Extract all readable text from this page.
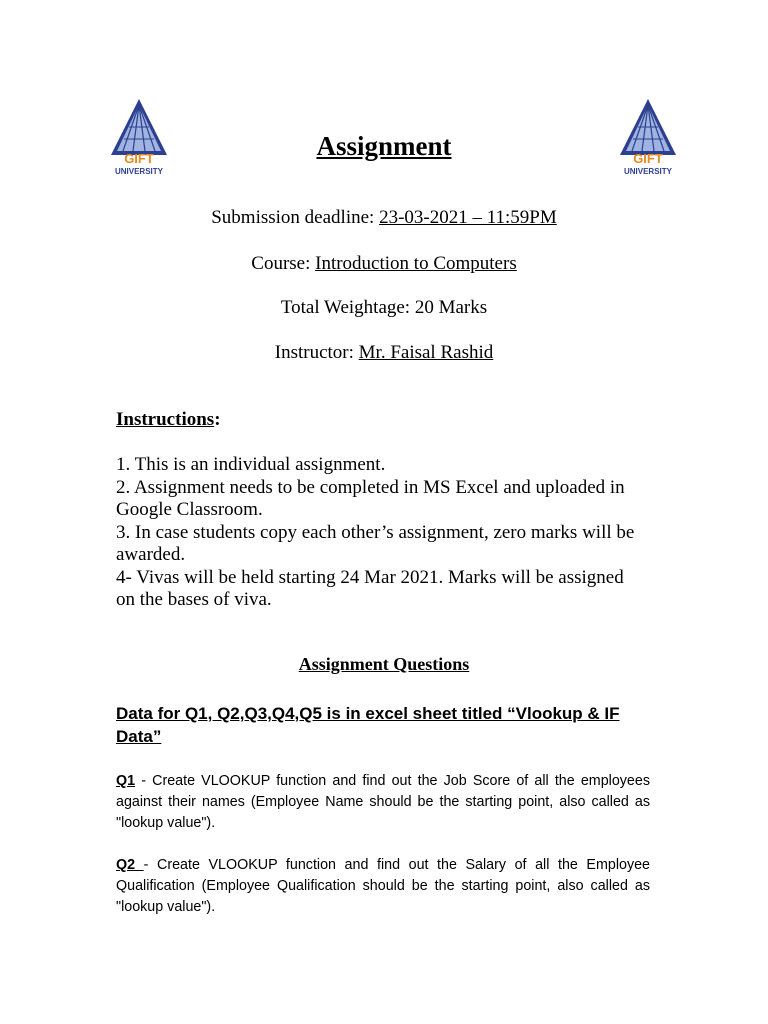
GIFT
UNIVERSITY
GIFT
UNIVERSITY
Assignment
Submission deadline: 23-03-2021 – 11:59PM
Course: Introduction to Computers
Total Weightage: 20 Marks
Instructor: Mr. Faisal Rashid
Instructions:
1. This is an individual assignment.
2. Assignment needs to be completed in MS Excel and uploaded in Google Classroom.
3. In case students copy each other’s assignment, zero marks will be awarded.
4- Vivas will be held starting 24 Mar 2021. Marks will be assigned on the bases of viva.
Assignment Questions
Data for Q1, Q2,Q3,Q4,Q5 is in excel sheet titled “Vlookup & IF Data”
Q1 - Create VLOOKUP function and find out the Job Score of all the employees against their names (Employee Name should be the starting point, also called as "lookup value").
Q2 - Create VLOOKUP function and find out the Salary of all the Employee Qualification (Employee Qualification should be the starting point, also called as "lookup value").
